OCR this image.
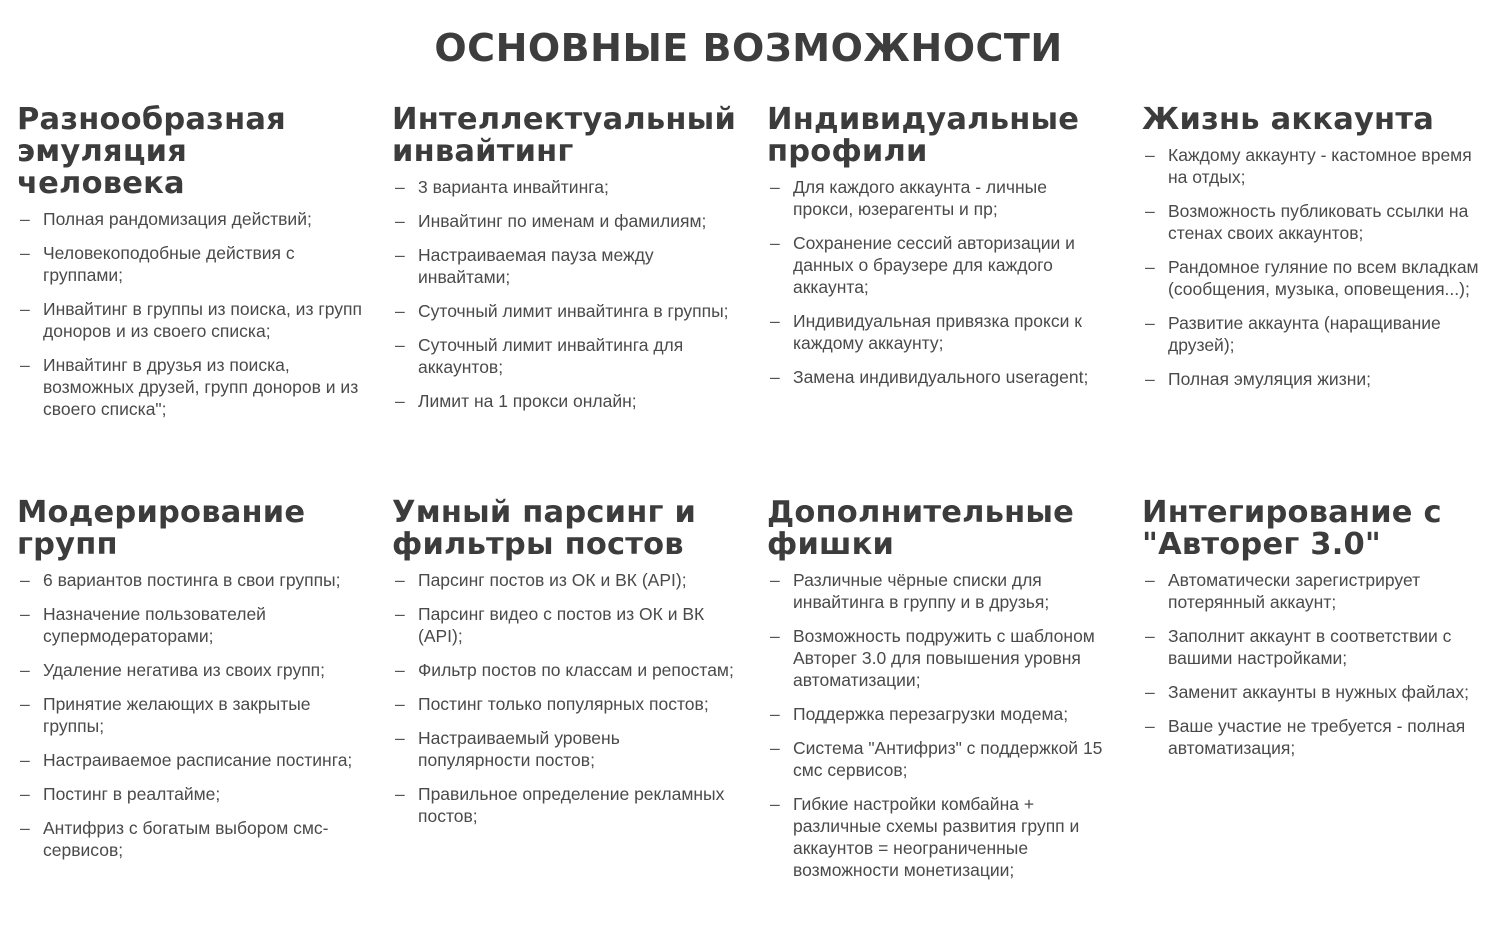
ОСНОВНЫЕ ВОЗМОЖНОСТИ
Разнообразная эмуляция человека
– Полная рандомизация действий;
– Человекоподобные действия с группами;
– Инвайтинг в группы из поиска, из групп доноров и из своего списка;
– Инвайтинг в друзья из поиска, возможных друзей, групп доноров и из своего списка";
Интеллектуальный инвайтинг
– 3 варианта инвайтинга;
– Инвайтинг по именам и фамилиям;
– Настраиваемая пауза между инвайтами;
– Суточный лимит инвайтинга в группы;
– Суточный лимит инвайтинга для аккаунтов;
– Лимит на 1 прокси онлайн;
Индивидуальные профили
– Для каждого аккаунта - личные прокси, юзерагенты и пр;
– Сохранение сессий авторизации и данных о браузере для каждого аккаунта;
– Индивидуальная привязка прокси к каждому аккаунту;
– Замена индивидуального useragent;
Жизнь аккаунта
– Каждому аккаунту - кастомное время на отдых;
– Возможность публиковать ссылки на стенах своих аккаунтов;
– Рандомное гуляние по всем вкладкам (сообщения, музыка, оповещения...);
– Развитие аккаунта (наращивание друзей);
– Полная эмуляция жизни;
Модерирование групп
– 6 вариантов постинга в свои группы;
– Назначение пользователей супермодераторами;
– Удаление негатива из своих групп;
– Принятие желающих в закрытые группы;
– Настраиваемое расписание постинга;
– Постинг в реалтайме;
– Антифриз с богатым выбором смс-сервисов;
Умный парсинг и фильтры постов
– Парсинг постов из ОК и ВК (API);
– Парсинг видео с постов из ОК и ВК (API);
– Фильтр постов по классам и репостам;
– Постинг только популярных постов;
– Настраиваемый уровень популярности постов;
– Правильное определение рекламных постов;
Дополнительные фишки
– Различные чёрные списки для инвайтинга в группу и в друзья;
– Возможность подружить с шаблоном Авторег 3.0 для повышения уровня автоматизации;
– Поддержка перезагрузки модема;
– Система "Антифриз" с поддержкой 15 смс сервисов;
– Гибкие настройки комбайна + различные схемы развития групп и аккаунтов = неограниченные возможности монетизации;
Интегирование с "Авторег 3.0"
– Автоматически зарегистрирует потерянный аккаунт;
– Заполнит аккаунт в соответствии с вашими настройками;
– Заменит аккаунты в нужных файлах;
– Ваше участие не требуется - полная автоматизация;
